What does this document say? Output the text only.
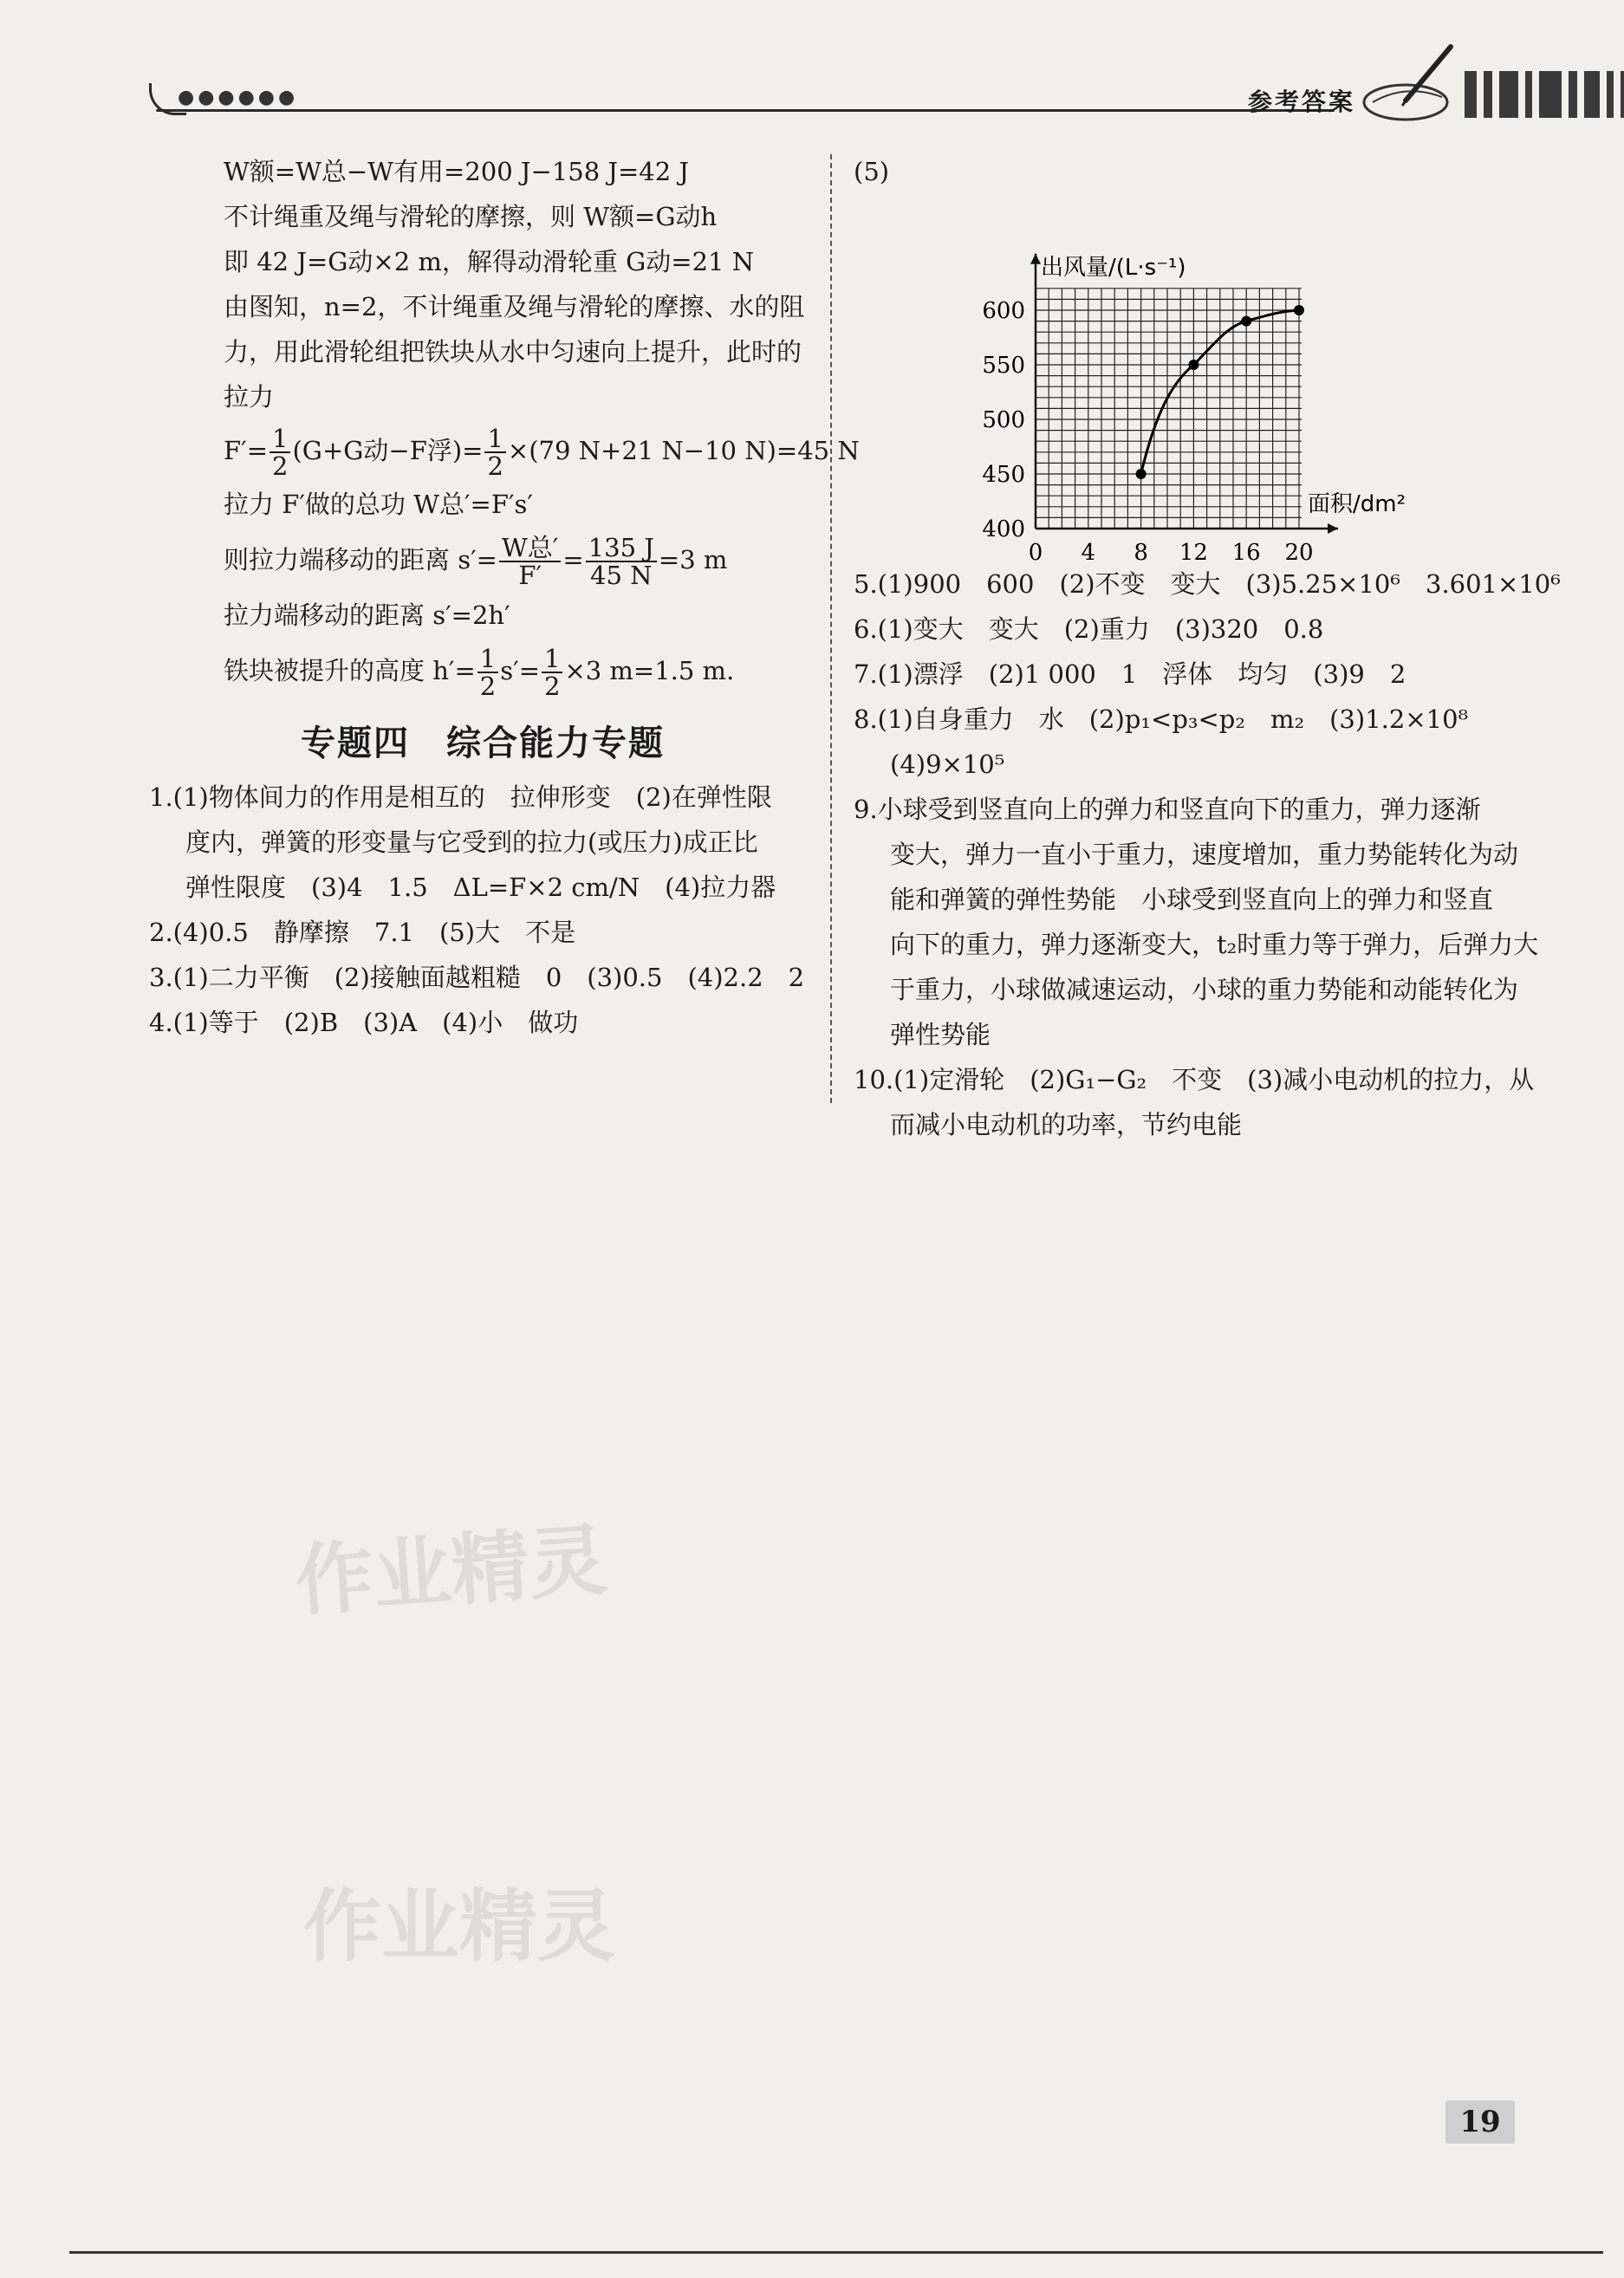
●●●●●●	参考答案
作业精灵
作业精灵
W额=W总−W有用=200 J−158 J=42 J
不计绳重及绳与滑轮的摩擦，则 W额=G动h
即 42 J=G动×2 m，解得动滑轮重 G动=21 N
由图知，n=2，不计绳重及绳与滑轮的摩擦、水的阻
力，用此滑轮组把铁块从水中匀速向上提升，此时的
拉力
$F'= \frac{1}{2} (G+G$动−F浮)= $\frac{1}{2} \times(79$ N+21 N−10 N)=45 N
拉力 F′做的总功 W总′=F′s′
则拉力端移动的距离 $s'= \frac{\text{W总′}}{F'} = \frac{135 J}{45 N} =3$ m
拉力端移动的距离 s′=2h′
铁块被提升的高度 $h'= \frac{1}{2} s'= \frac{1}{2} \times 3$ m=1.5 m.
专题四　综合能力专题
1.(1)物体间力的作用是相互的　拉伸形变　(2)在弹性限
度内，弹簧的形变量与它受到的拉力(或压力)成正比
弹性限度　(3)4　1.5　ΔL=F×2 cm/N　(4)拉力器
2.(4)0.5　静摩擦　7.1　(5)大　不是
3.(1)二力平衡　(2)接触面越粗糙　0　(3)0.5　(4)2.2　2
4.(1)等于　(2)B　(3)A　(4)小　做功
(5)
0 4 8 12 16 20
400
450
500
550
600
出风量/(L·s⁻¹)
面积/dm²
5.(1)900　600　(2)不变　变大　(3)5.25×10⁶　3.601×10⁶
6.(1)变大　变大　(2)重力　(3)320　0.8
7.(1)漂浮　(2)1 000　1　浮体　均匀　(3)9　2
8.(1)自身重力　水　(2)p₁<p₃<p₂　m₂　(3)1.2×10⁸
(4)9×10⁵
9.小球受到竖直向上的弹力和竖直向下的重力，弹力逐渐
变大，弹力一直小于重力，速度增加，重力势能转化为动
能和弹簧的弹性势能　小球受到竖直向上的弹力和竖直
向下的重力，弹力逐渐变大，t₂时重力等于弹力，后弹力大
于重力，小球做减速运动，小球的重力势能和动能转化为
弹性势能
10.(1)定滑轮　(2)G₁−G₂　不变　(3)减小电动机的拉力，从
而减小电动机的功率，节约电能
19
